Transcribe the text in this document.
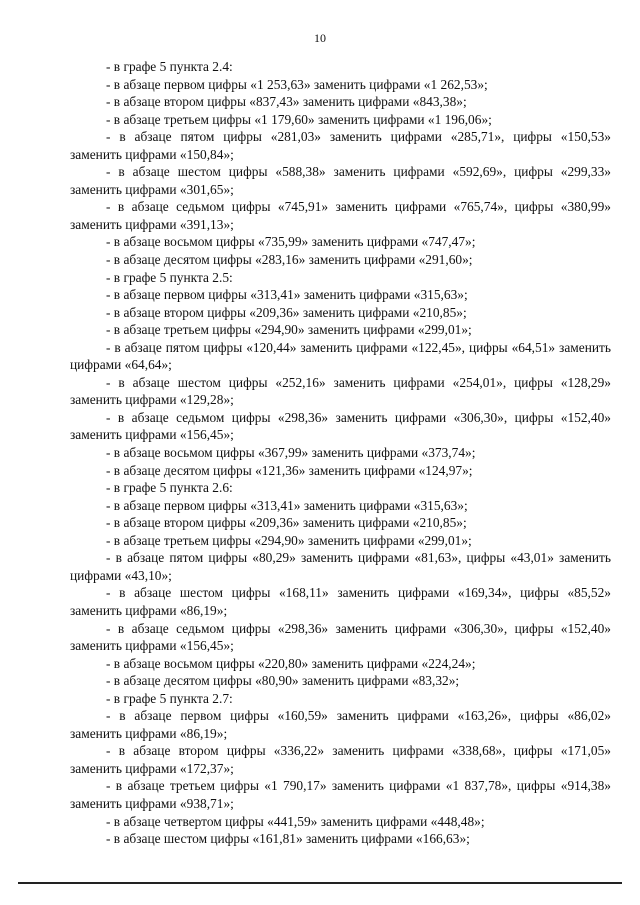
10

- в графе 5 пункта 2.4:

- в абзаце первом цифры «1 253,63» заменить цифрами «1 262,53»;

- в абзаце втором цифры «837,43» заменить цифрами «843,38»;

- в абзаце третьем цифры «1 179,60» заменить цифрами «1 196,06»;

- в абзаце пятом цифры «281,03» заменить цифрами «285,71», цифры «150,53» заменить цифрами «150,84»;

- в абзаце шестом цифры «588,38» заменить цифрами «592,69», цифры «299,33» заменить цифрами «301,65»;

- в абзаце седьмом цифры «745,91» заменить цифрами «765,74», цифры «380,99» заменить цифрами «391,13»;

- в абзаце восьмом цифры «735,99» заменить цифрами «747,47»;

- в абзаце десятом цифры «283,16» заменить цифрами «291,60»;

- в графе 5 пункта 2.5:

- в абзаце первом цифры «313,41» заменить цифрами «315,63»;

- в абзаце втором цифры «209,36» заменить цифрами «210,85»;

- в абзаце третьем цифры «294,90» заменить цифрами «299,01»;

- в абзаце пятом цифры «120,44» заменить цифрами «122,45», цифры «64,51» заменить цифрами «64,64»;

- в абзаце шестом цифры «252,16» заменить цифрами «254,01», цифры «128,29» заменить цифрами «129,28»;

- в абзаце седьмом цифры «298,36» заменить цифрами «306,30», цифры «152,40» заменить цифрами «156,45»;

- в абзаце восьмом цифры «367,99» заменить цифрами «373,74»;

- в абзаце десятом цифры «121,36» заменить цифрами «124,97»;

- в графе 5 пункта 2.6:

- в абзаце первом цифры «313,41» заменить цифрами «315,63»;

- в абзаце втором цифры «209,36» заменить цифрами «210,85»;

- в абзаце третьем цифры «294,90» заменить цифрами «299,01»;

- в абзаце пятом цифры «80,29» заменить цифрами «81,63», цифры «43,01» заменить цифрами «43,10»;

- в абзаце шестом цифры «168,11» заменить цифрами «169,34», цифры «85,52» заменить цифрами «86,19»;

- в абзаце седьмом цифры «298,36» заменить цифрами «306,30», цифры «152,40» заменить цифрами «156,45»;

- в абзаце восьмом цифры «220,80» заменить цифрами «224,24»;

- в абзаце десятом цифры «80,90» заменить цифрами «83,32»;

- в графе 5 пункта 2.7:

- в абзаце первом цифры «160,59» заменить цифрами «163,26», цифры «86,02» заменить цифрами «86,19»;

- в абзаце втором цифры «336,22» заменить цифрами «338,68», цифры «171,05» заменить цифрами «172,37»;

- в абзаце третьем цифры «1 790,17» заменить цифрами «1 837,78», цифры «914,38» заменить цифрами «938,71»;

- в абзаце четвертом цифры «441,59» заменить цифрами «448,48»;

- в абзаце шестом цифры «161,81» заменить цифрами «166,63»;
